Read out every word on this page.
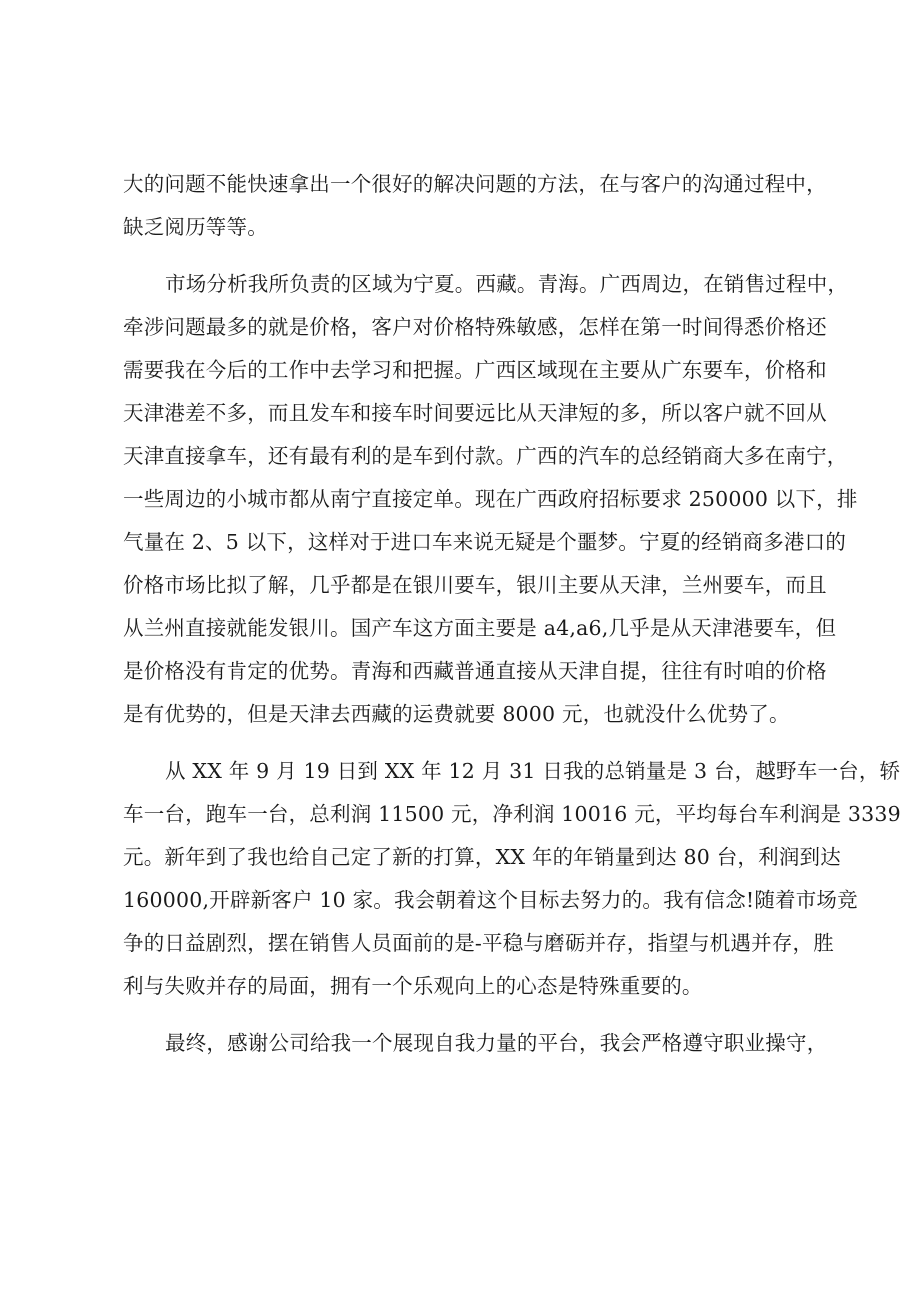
大的问题不能快速拿出一个很好的解决问题的方法，在与客户的沟通过程中，
缺乏阅历等等。
市场分析我所负责的区域为宁夏。西藏。青海。广西周边，在销售过程中，
牵涉问题最多的就是价格，客户对价格特殊敏感，怎样在第一时间得悉价格还
需要我在今后的工作中去学习和把握。广西区域现在主要从广东要车，价格和
天津港差不多，而且发车和接车时间要远比从天津短的多，所以客户就不回从
天津直接拿车，还有最有利的是车到付款。广西的汽车的总经销商大多在南宁，
一些周边的小城市都从南宁直接定单。现在广西政府招标要求 250000 以下，排
气量在 2、5 以下，这样对于进口车来说无疑是个噩梦。宁夏的经销商多港口的
价格市场比拟了解，几乎都是在银川要车，银川主要从天津，兰州要车，而且
从兰州直接就能发银川。国产车这方面主要是 a4,a6,几乎是从天津港要车，但
是价格没有肯定的优势。青海和西藏普通直接从天津自提，往往有时咱的价格
是有优势的，但是天津去西藏的运费就要 8000 元，也就没什么优势了。
从 XX 年 9 月 19 日到 XX 年 12 月 31 日我的总销量是 3 台，越野车一台，轿
车一台，跑车一台，总利润 11500 元，净利润 10016 元，平均每台车利润是 3339
元。新年到了我也给自己定了新的打算，XX 年的年销量到达 80 台，利润到达
160000,开辟新客户 10 家。我会朝着这个目标去努力的。我有信念!随着市场竞
争的日益剧烈，摆在销售人员面前的是-平稳与磨砺并存，指望与机遇并存，胜
利与失败并存的局面，拥有一个乐观向上的心态是特殊重要的。
最终，感谢公司给我一个展现自我力量的平台，我会严格遵守职业操守，
